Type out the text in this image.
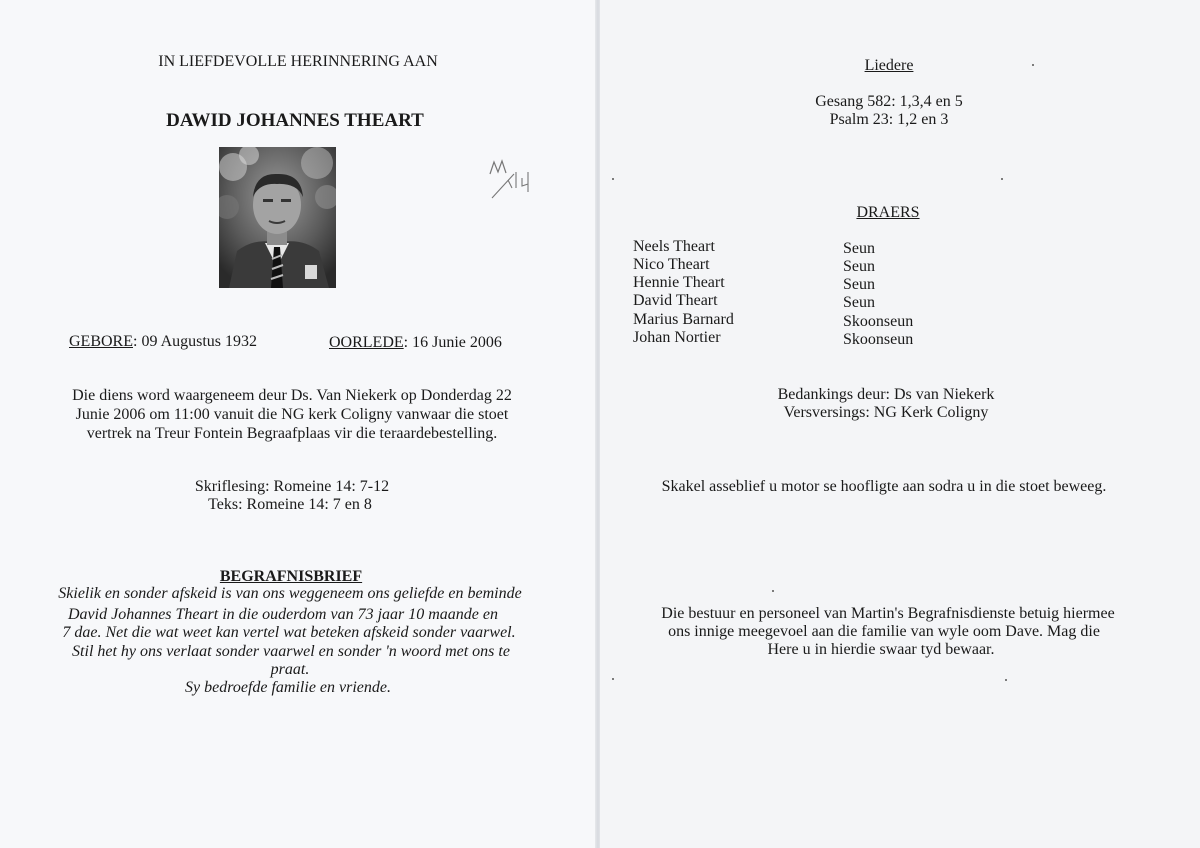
IN LIEFDEVOLLE HERINNERING AAN
DAWID JOHANNES THEART
GEBORE: 09 Augustus 1932	OORLEDE: 16 Junie 2006
Die diens word waargeneem deur Ds. Van Niekerk op Donderdag 22
Junie 2006 om 11:00 vanuit die NG kerk Coligny vanwaar die stoet
vertrek na Treur Fontein Begraafplaas vir die teraardebestelling.
Skriflesing: Romeine 14: 7-12
Teks: Romeine 14: 7 en 8
BEGRAFNISBRIEF
Skielik en sonder afskeid is van ons weggeneem ons geliefde en beminde
David Johannes Theart in die ouderdom van 73 jaar 10 maande en
7 dae. Net die wat weet kan vertel wat beteken afskeid sonder vaarwel.
Stil het hy ons verlaat sonder vaarwel en sonder 'n woord met ons te
praat.
Sy bedroefde familie en vriende.
Liedere
Gesang 582: 1,3,4 en 5
Psalm 23: 1,2 en 3
DRAERS
Neels Theart	Seun
Nico Theart	Seun
Hennie Theart	Seun
David Theart	Seun
Marius Barnard	Skoonseun
Johan Nortier	Skoonseun
Bedankings deur: Ds van Niekerk
Versversings: NG Kerk Coligny
Skakel asseblief u motor se hoofligte aan sodra u in die stoet beweeg.
Die bestuur en personeel van Martin's Begrafnisdienste betuig hiermee
ons innige meegevoel aan die familie van wyle oom Dave. Mag die
Here u in hierdie swaar tyd bewaar.
